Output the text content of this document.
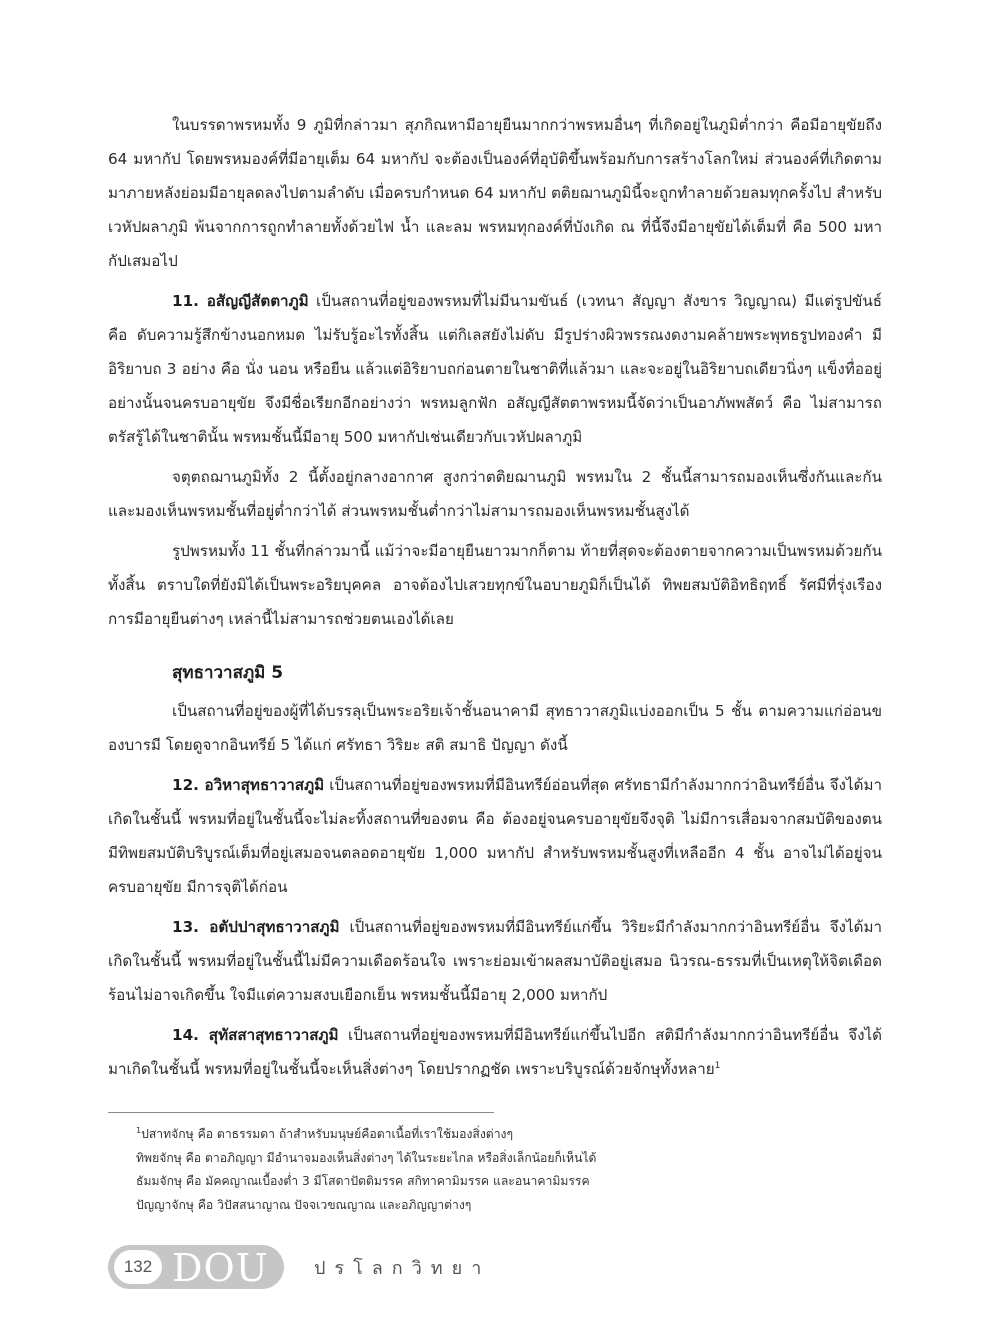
ในบรรดาพรหมทั้ง 9 ภูมิที่กล่าวมา สุภกิณหามีอายุยืนมากกว่าพรหมอื่นๆ ที่เกิดอยู่ในภูมิต่ำกว่า คือมีอายุขัยถึง 64 มหากัป โดยพรหมองค์ที่มีอายุเต็ม 64 มหากัป จะต้องเป็นองค์ที่อุบัติขึ้นพร้อมกับการสร้างโลกใหม่ ส่วนองค์ที่เกิดตามมาภายหลังย่อมมีอายุลดลงไปตามลำดับ เมื่อครบกำหนด 64 มหากัป ตติยฌานภูมินี้จะถูกทำลายด้วยลมทุกครั้งไป สำหรับเวหัปผลาภูมิ พ้นจากการถูกทำลายทั้งด้วยไฟ น้ำ และลม พรหมทุกองค์ที่บังเกิด ณ ที่นี้จึงมีอายุขัยได้เต็มที่ คือ 500 มหากัปเสมอไป

11. อสัญญีสัตตาภูมิ เป็นสถานที่อยู่ของพรหมที่ไม่มีนามขันธ์ (เวทนา สัญญา สังขาร วิญญาณ) มีแต่รูปขันธ์ คือ ดับความรู้สึกข้างนอกหมด ไม่รับรู้อะไรทั้งสิ้น แต่กิเลสยังไม่ดับ มีรูปร่างผิวพรรณงดงามคล้ายพระพุทธรูปทองคำ มีอิริยาบถ 3 อย่าง คือ นั่ง นอน หรือยืน แล้วแต่อิริยาบถก่อนตายในชาติที่แล้วมา และจะอยู่ในอิริยาบถเดียวนิ่งๆ แข็งทื่ออยู่อย่างนั้นจนครบอายุขัย จึงมีชื่อเรียกอีกอย่างว่า พรหมลูกฟัก อสัญญีสัตตาพรหมนี้จัดว่าเป็นอาภัพพสัตว์ คือ ไม่สามารถตรัสรู้ได้ในชาตินั้น พรหมชั้นนี้มีอายุ 500 มหากัปเช่นเดียวกับเวหัปผลาภูมิ

จตุตถฌานภูมิทั้ง 2 นี้ตั้งอยู่กลางอากาศ สูงกว่าตติยฌานภูมิ พรหมใน 2 ชั้นนี้สามารถมองเห็นซึ่งกันและกัน และมองเห็นพรหมชั้นที่อยู่ต่ำกว่าได้ ส่วนพรหมชั้นต่ำกว่าไม่สามารถมองเห็นพรหมชั้นสูงได้

รูปพรหมทั้ง 11 ชั้นที่กล่าวมานี้ แม้ว่าจะมีอายุยืนยาวมากก็ตาม ท้ายที่สุดจะต้องตายจากความเป็นพรหมด้วยกันทั้งสิ้น ตราบใดที่ยังมิได้เป็นพระอริยบุคคล อาจต้องไปเสวยทุกข์ในอบายภูมิก็เป็นได้ ทิพยสมบัติอิทธิฤทธิ์ รัศมีที่รุ่งเรือง การมีอายุยืนต่างๆ เหล่านี้ไม่สามารถช่วยตนเองได้เลย

สุทธาวาสภูมิ 5

เป็นสถานที่อยู่ของผู้ที่ได้บรรลุเป็นพระอริยเจ้าชั้นอนาคามี สุทธาวาสภูมิแบ่งออกเป็น 5 ชั้น ตามความแก่อ่อนของบารมี โดยดูจากอินทรีย์ 5 ได้แก่ ศรัทธา วิริยะ สติ สมาธิ ปัญญา ดังนี้

12. อวิหาสุทธาวาสภูมิ เป็นสถานที่อยู่ของพรหมที่มีอินทรีย์อ่อนที่สุด ศรัทธามีกำลังมากกว่าอินทรีย์อื่น จึงได้มาเกิดในชั้นนี้ พรหมที่อยู่ในชั้นนี้จะไม่ละทิ้งสถานที่ของตน คือ ต้องอยู่จนครบอายุขัยจึงจุติ ไม่มีการเสื่อมจากสมบัติของตน มีทิพยสมบัติบริบูรณ์เต็มที่อยู่เสมอจนตลอดอายุขัย 1,000 มหากัป สำหรับพรหมชั้นสูงที่เหลืออีก 4 ชั้น อาจไม่ได้อยู่จนครบอายุขัย มีการจุติได้ก่อน

13. อตัปปาสุทธาวาสภูมิ เป็นสถานที่อยู่ของพรหมที่มีอินทรีย์แก่ขึ้น วิริยะมีกำลังมากกว่าอินทรีย์อื่น จึงได้มาเกิดในชั้นนี้ พรหมที่อยู่ในชั้นนี้ไม่มีความเดือดร้อนใจ เพราะย่อมเข้าผลสมาบัติอยู่เสมอ นิวรณ-ธรรมที่เป็นเหตุให้จิตเดือดร้อนไม่อาจเกิดขึ้น ใจมีแต่ความสงบเยือกเย็น พรหมชั้นนี้มีอายุ 2,000 มหากัป

14. สุทัสสาสุทธาวาสภูมิ เป็นสถานที่อยู่ของพรหมที่มีอินทรีย์แก่ขึ้นไปอีก สติมีกำลังมากกว่าอินทรีย์อื่น จึงได้มาเกิดในชั้นนี้ พรหมที่อยู่ในชั้นนี้จะเห็นสิ่งต่างๆ โดยปรากฏชัด เพราะบริบูรณ์ด้วยจักษุทั้งหลาย$^1$

$^1$ปสาทจักษุ คือ ตาธรรมดา ถ้าสำหรับมนุษย์คือตาเนื้อที่เราใช้มองสิ่งต่างๆ
ทิพยจักษุ คือ ตาอภิญญา มีอำนาจมองเห็นสิ่งต่างๆ ได้ในระยะไกล หรือสิ่งเล็กน้อยก็เห็นได้
ธัมมจักษุ คือ มัคคญาณเบื้องต่ำ 3 มีโสดาปัตติมรรค สกิทาคามิมรรค และอนาคามิมรรค
ปัญญาจักษุ คือ วิปัสสนาญาณ ปัจจเวขณญาณ และอภิญญาต่างๆ
132 DOU	ปรโลกวิทยา
